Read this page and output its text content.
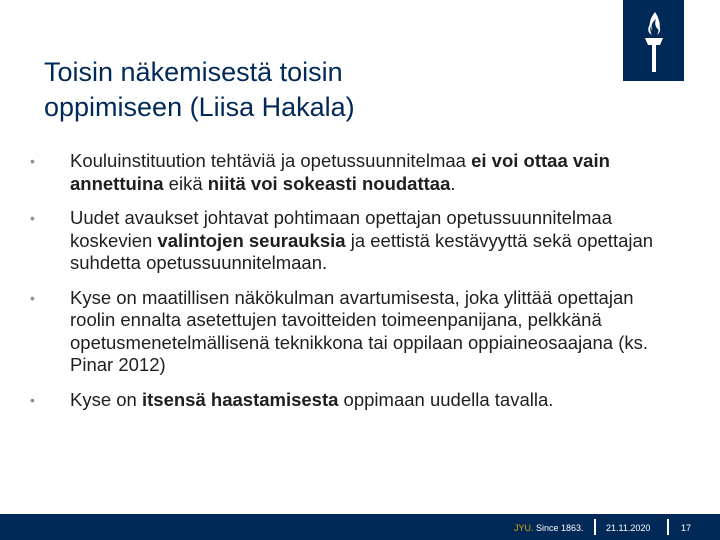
Toisin näkemisestä toisin
oppimiseen (Liisa Hakala)
•	Kouluinstituution tehtäviä ja opetussuunnitelmaa ei voi ottaa vain annettuina eikä niitä voi sokeasti noudattaa.
•	Uudet avaukset johtavat pohtimaan opettajan opetussuunnitelmaa koskevien valintojen seurauksia ja eettistä kestävyyttä sekä opettajan suhdetta opetussuunnitelmaan.
•	Kyse on maatillisen näkökulman avartumisesta, joka ylittää opettajan roolin ennalta asetettujen tavoitteiden toimeenpanijana, pelkkänä opetusmenetelmällisenä teknikkona tai oppilaan oppiaineosaajana (ks. Pinar 2012)
•	Kyse on itsensä haastamisesta oppimaan uudella tavalla.
JYU. Since 1863. 21.11.2020	17
